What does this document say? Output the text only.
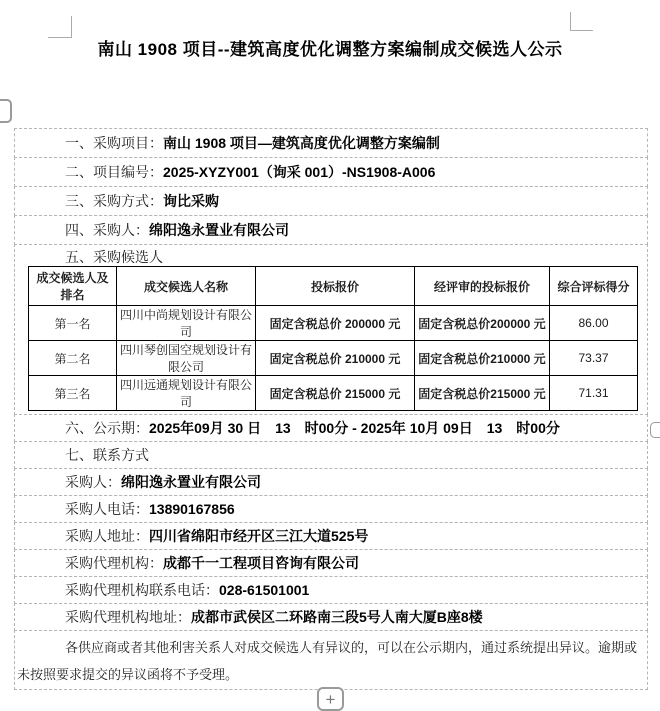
南山 1908 项目--建筑高度优化调整方案编制成交候选人公示
一、采购项目： 南山 1908 项目—建筑高度优化调整方案编制
二、项目编号： 2025-XYZY001（询采 001）-NS1908-A006
三、采购方式： 询比采购
四、采购人： 绵阳逸永置业有限公司
五、采购候选人
成交候选人及排名	成交候选人名称	投标报价	经评审的投标报价	综合评标得分
第一名	四川中尚规划设计有限公司	固定含税总价 200000 元	固定含税总价200000 元	86.00
第二名	四川琴创国空规划设计有限公司	固定含税总价 210000 元	固定含税总价210000 元	73.37
第三名	四川远通规划设计有限公司	固定含税总价 215000 元	固定含税总价215000 元	71.31
六、公示期： 2025年09月 30 日　13　时00分 - 2025年 10月 09日　13　时00分
七、联系方式
采购人： 绵阳逸永置业有限公司
采购人电话： 13890167856
采购人地址： 四川省绵阳市经开区三江大道525号
采购代理机构： 成都千一工程项目咨询有限公司
采购代理机构联系电话： 028-61501001
采购代理机构地址： 成都市武侯区二环路南三段5号人南大厦B座8楼
各供应商或者其他利害关系人对成交候选人有异议的，可以在公示期内，通过系统提出异议。逾期或未按照要求提交的异议函将不予受理。
+
